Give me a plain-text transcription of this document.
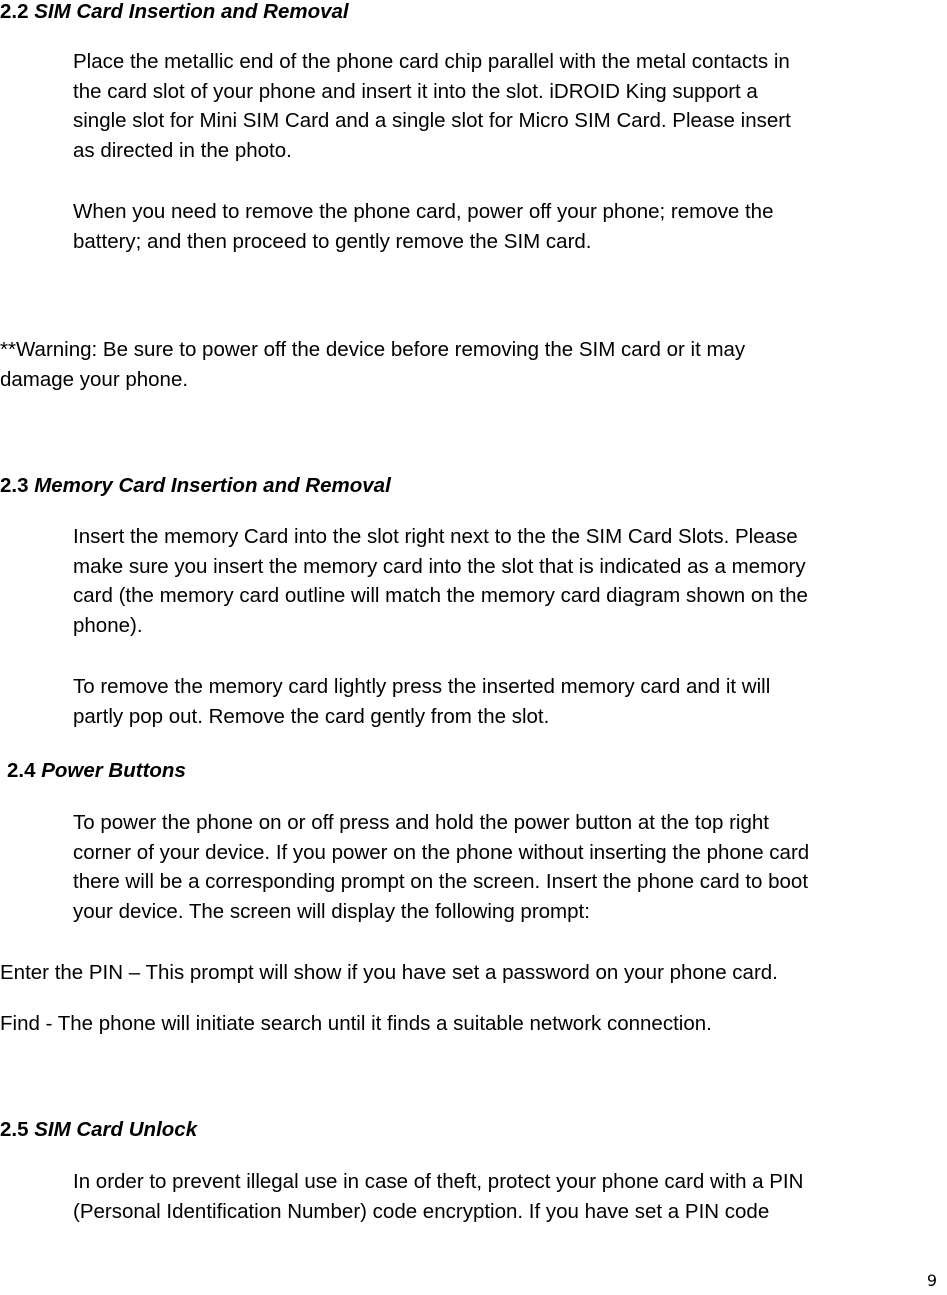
2.2 SIM Card Insertion and Removal

Place the metallic end of the phone card chip parallel with the metal contacts in
the card slot of your phone and insert it into the slot. iDROID King support a
single slot for Mini SIM Card and a single slot for Micro SIM Card. Please insert
as directed in the photo.

When you need to remove the phone card, power off your phone; remove the
battery; and then proceed to gently remove the SIM card.

**Warning: Be sure to power off the device before removing the SIM card or it may
damage your phone.

2.3 Memory Card Insertion and Removal

Insert the memory Card into the slot right next to the the SIM Card Slots. Please
make sure you insert the memory card into the slot that is indicated as a memory
card (the memory card outline will match the memory card diagram shown on the
phone).

To remove the memory card lightly press the inserted memory card and it will
partly pop out. Remove the card gently from the slot.

2.4 Power Buttons

To power the phone on or off press and hold the power button at the top right
corner of your device. If you power on the phone without inserting the phone card
there will be a corresponding prompt on the screen. Insert the phone card to boot
your device. The screen will display the following prompt:

Enter the PIN – This prompt will show if you have set a password on your phone card.

Find - The phone will initiate search until it finds a suitable network connection.

2.5 SIM Card Unlock

In order to prevent illegal use in case of theft, protect your phone card with a PIN
(Personal Identification Number) code encryption. If you have set a PIN code

9
